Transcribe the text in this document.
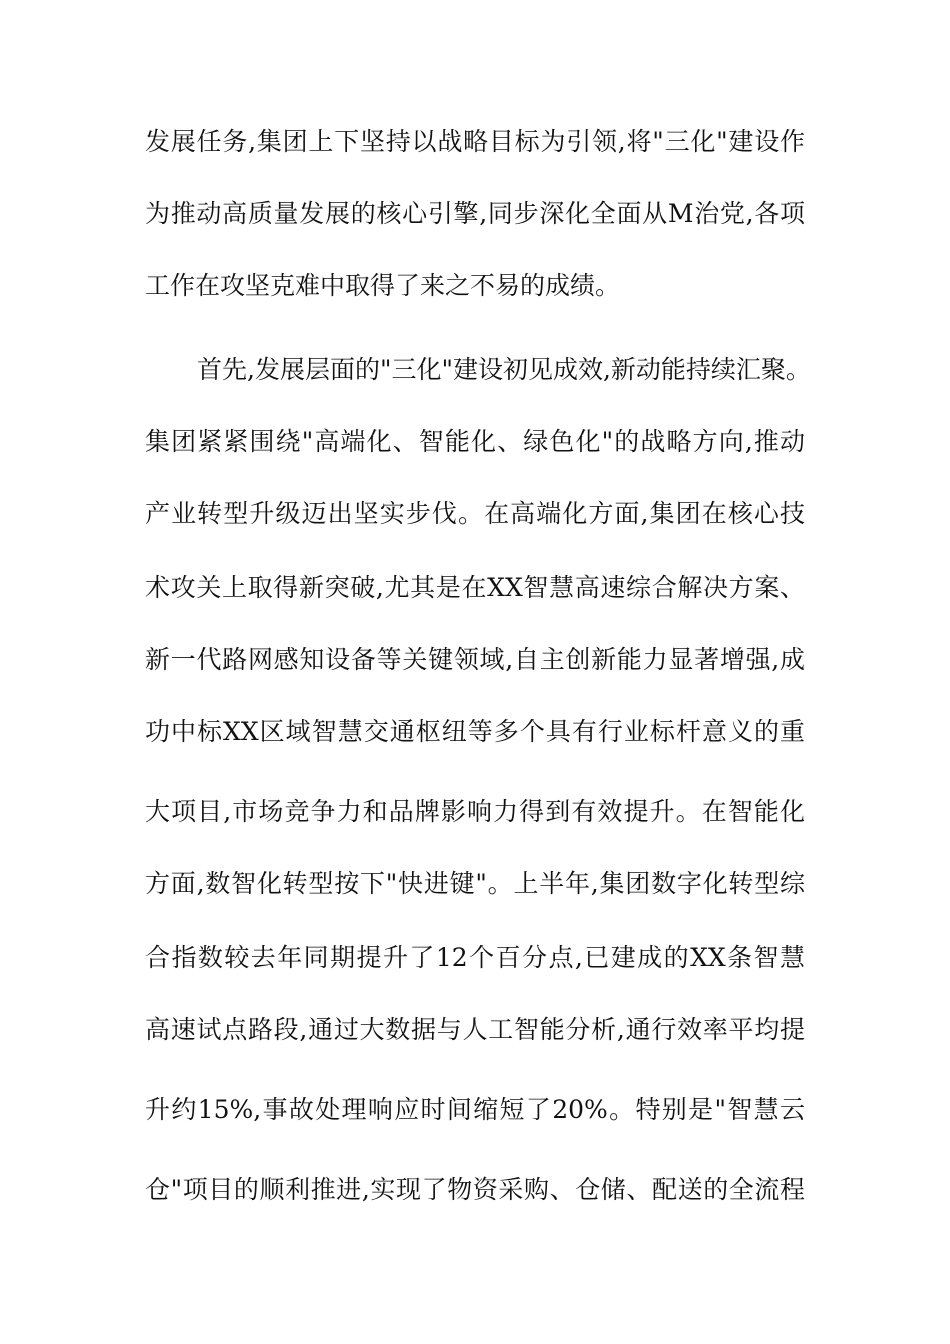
发展任务,集团上下坚持以战略目标为引领,将"三化"建设作
为推动高质量发展的核心引擎,同步深化全面从M治党,各项
工作在攻坚克难中取得了来之不易的成绩。
首先,发展层面的"三化"建设初见成效,新动能持续汇聚。
集团紧紧围绕"高端化、智能化、绿色化"的战略方向,推动
产业转型升级迈出坚实步伐。在高端化方面,集团在核心技
术攻关上取得新突破,尤其是在XX智慧高速综合解决方案、
新一代路网感知设备等关键领域,自主创新能力显著增强,成
功中标XX区域智慧交通枢纽等多个具有行业标杆意义的重
大项目,市场竞争力和品牌影响力得到有效提升。在智能化
方面,数智化转型按下"快进键"。上半年,集团数字化转型综
合指数较去年同期提升了12个百分点,已建成的XX条智慧
高速试点路段,通过大数据与人工智能分析,通行效率平均提
升约15%,事故处理响应时间缩短了20%。特别是"智慧云
仓"项目的顺利推进,实现了物资采购、仓储、配送的全流程
